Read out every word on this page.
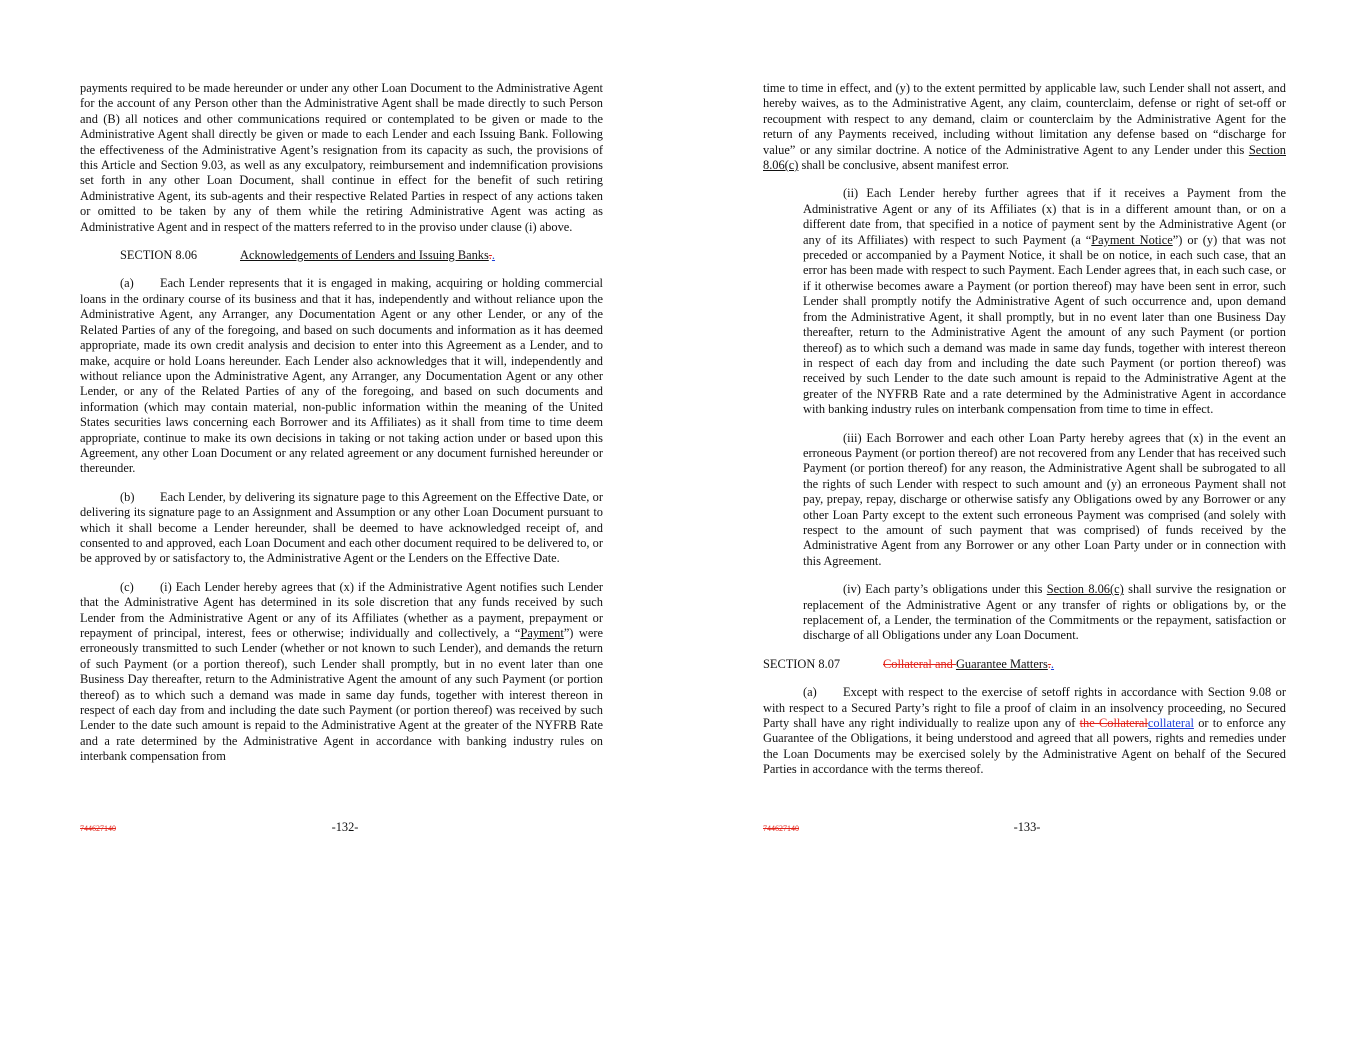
payments required to be made hereunder or under any other Loan Document to the Administrative Agent for the account of any Person other than the Administrative Agent shall be made directly to such Person and (B) all notices and other communications required or contemplated to be given or made to the Administrative Agent shall directly be given or made to each Lender and each Issuing Bank. Following the effectiveness of the Administrative Agent’s resignation from its capacity as such, the provisions of this Article and Section 9.03, as well as any exculpatory, reimbursement and indemnification provisions set forth in any other Loan Document, shall continue in effect for the benefit of such retiring Administrative Agent, its sub-agents and their respective Related Parties in respect of any actions taken or omitted to be taken by any of them while the retiring Administrative Agent was acting as Administrative Agent and in respect of the matters referred to in the proviso under clause (i) above.

SECTION 8.06	Acknowledgements of Lenders and Issuing Banks..

(a) Each Lender represents that it is engaged in making, acquiring or holding commercial loans in the ordinary course of its business and that it has, independently and without reliance upon the Administrative Agent, any Arranger, any Documentation Agent or any other Lender, or any of the Related Parties of any of the foregoing, and based on such documents and information as it has deemed appropriate, made its own credit analysis and decision to enter into this Agreement as a Lender, and to make, acquire or hold Loans hereunder. Each Lender also acknowledges that it will, independently and without reliance upon the Administrative Agent, any Arranger, any Documentation Agent or any other Lender, or any of the Related Parties of any of the foregoing, and based on such documents and information (which may contain material, non-public information within the meaning of the United States securities laws concerning each Borrower and its Affiliates) as it shall from time to time deem appropriate, continue to make its own decisions in taking or not taking action under or based upon this Agreement, any other Loan Document or any related agreement or any document furnished hereunder or thereunder.

(b) Each Lender, by delivering its signature page to this Agreement on the Effective Date, or delivering its signature page to an Assignment and Assumption or any other Loan Document pursuant to which it shall become a Lender hereunder, shall be deemed to have acknowledged receipt of, and consented to and approved, each Loan Document and each other document required to be delivered to, or be approved by or satisfactory to, the Administrative Agent or the Lenders on the Effective Date.

(c) (i) Each Lender hereby agrees that (x) if the Administrative Agent notifies such Lender that the Administrative Agent has determined in its sole discretion that any funds received by such Lender from the Administrative Agent or any of its Affiliates (whether as a payment, prepayment or repayment of principal, interest, fees or otherwise; individually and collectively, a “Payment”) were erroneously transmitted to such Lender (whether or not known to such Lender), and demands the return of such Payment (or a portion thereof), such Lender shall promptly, but in no event later than one Business Day thereafter, return to the Administrative Agent the amount of any such Payment (or portion thereof) as to which such a demand was made in same day funds, together with interest thereon in respect of each day from and including the date such Payment (or portion thereof) was received by such Lender to the date such amount is repaid to the Administrative Agent at the greater of the NYFRB Rate and a rate determined by the Administrative Agent in accordance with banking industry rules on interbank compensation from

744627140	-132-

time to time in effect, and (y) to the extent permitted by applicable law, such Lender shall not assert, and hereby waives, as to the Administrative Agent, any claim, counterclaim, defense or right of set-off or recoupment with respect to any demand, claim or counterclaim by the Administrative Agent for the return of any Payments received, including without limitation any defense based on “discharge for value” or any similar doctrine. A notice of the Administrative Agent to any Lender under this Section 8.06(c) shall be conclusive, absent manifest error.

(ii) Each Lender hereby further agrees that if it receives a Payment from the Administrative Agent or any of its Affiliates (x) that is in a different amount than, or on a different date from, that specified in a notice of payment sent by the Administrative Agent (or any of its Affiliates) with respect to such Payment (a “Payment Notice”) or (y) that was not preceded or accompanied by a Payment Notice, it shall be on notice, in each such case, that an error has been made with respect to such Payment. Each Lender agrees that, in each such case, or if it otherwise becomes aware a Payment (or portion thereof) may have been sent in error, such Lender shall promptly notify the Administrative Agent of such occurrence and, upon demand from the Administrative Agent, it shall promptly, but in no event later than one Business Day thereafter, return to the Administrative Agent the amount of any such Payment (or portion thereof) as to which such a demand was made in same day funds, together with interest thereon in respect of each day from and including the date such Payment (or portion thereof) was received by such Lender to the date such amount is repaid to the Administrative Agent at the greater of the NYFRB Rate and a rate determined by the Administrative Agent in accordance with banking industry rules on interbank compensation from time to time in effect.

(iii) Each Borrower and each other Loan Party hereby agrees that (x) in the event an erroneous Payment (or portion thereof) are not recovered from any Lender that has received such Payment (or portion thereof) for any reason, the Administrative Agent shall be subrogated to all the rights of such Lender with respect to such amount and (y) an erroneous Payment shall not pay, prepay, repay, discharge or otherwise satisfy any Obligations owed by any Borrower or any other Loan Party except to the extent such erroneous Payment was comprised (and solely with respect to the amount of such payment that was comprised) of funds received by the Administrative Agent from any Borrower or any other Loan Party under or in connection with this Agreement.

(iv) Each party’s obligations under this Section 8.06(c) shall survive the resignation or replacement of the Administrative Agent or any transfer of rights or obligations by, or the replacement of, a Lender, the termination of the Commitments or the repayment, satisfaction or discharge of all Obligations under any Loan Document.

SECTION 8.07	Collateral and Guarantee Matters..

(a) Except with respect to the exercise of setoff rights in accordance with Section 9.08 or with respect to a Secured Party’s right to file a proof of claim in an insolvency proceeding, no Secured Party shall have any right individually to realize upon any of the Collateralcollateral or to enforce any Guarantee of the Obligations, it being understood and agreed that all powers, rights and remedies under the Loan Documents may be exercised solely by the Administrative Agent on behalf of the Secured Parties in accordance with the terms thereof.

744627140	-133-
